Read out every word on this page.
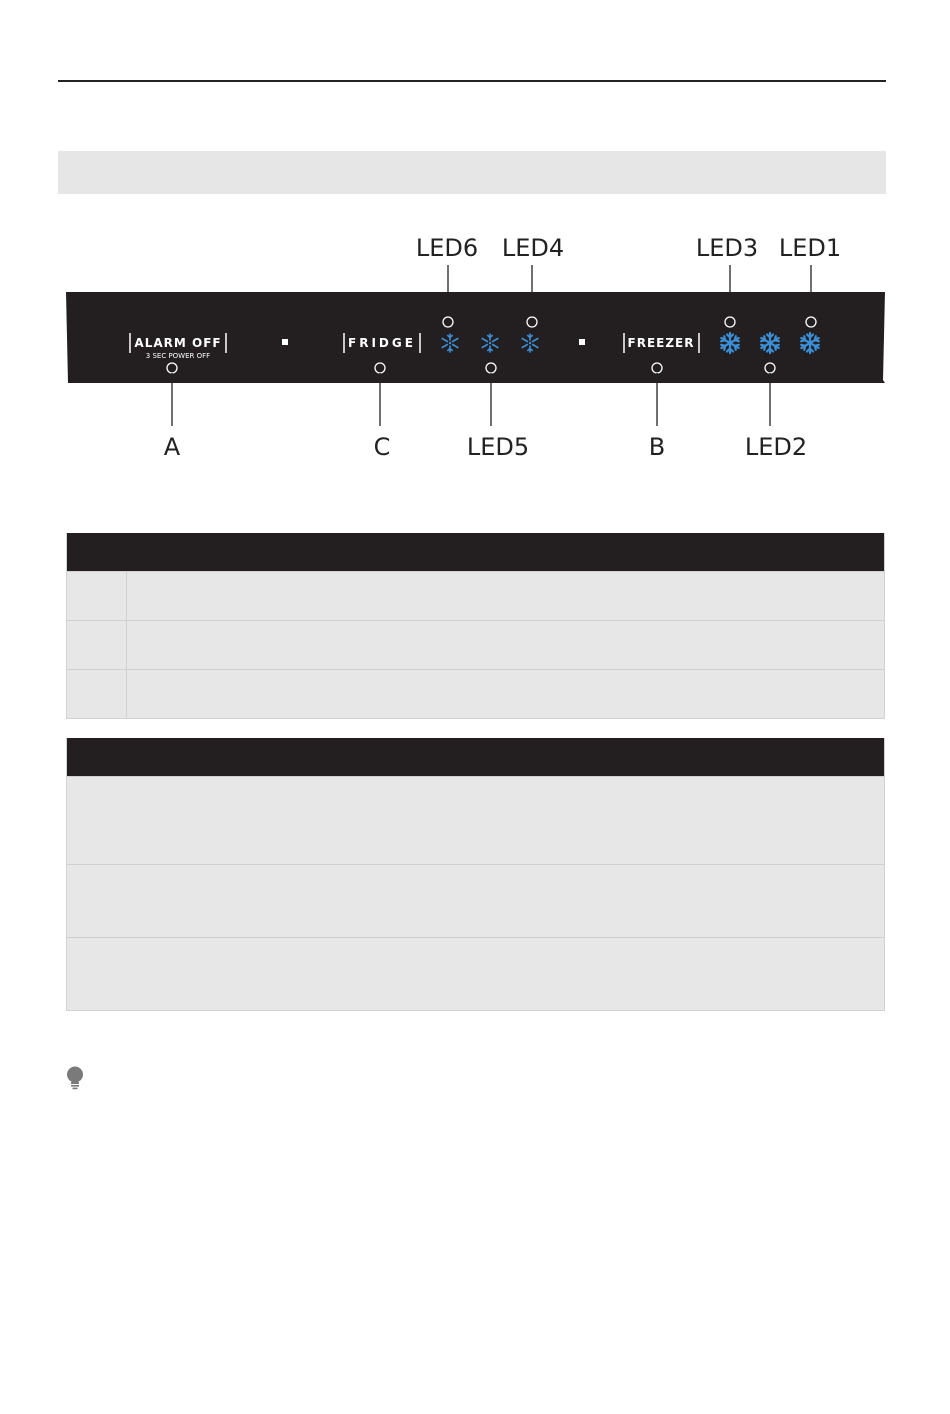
LED6 LED4	LED3 LED1
ALARM OFF
3 SEC POWER OFF
FRIDGE	FREEZER
A	C	LED5	B	LED2
